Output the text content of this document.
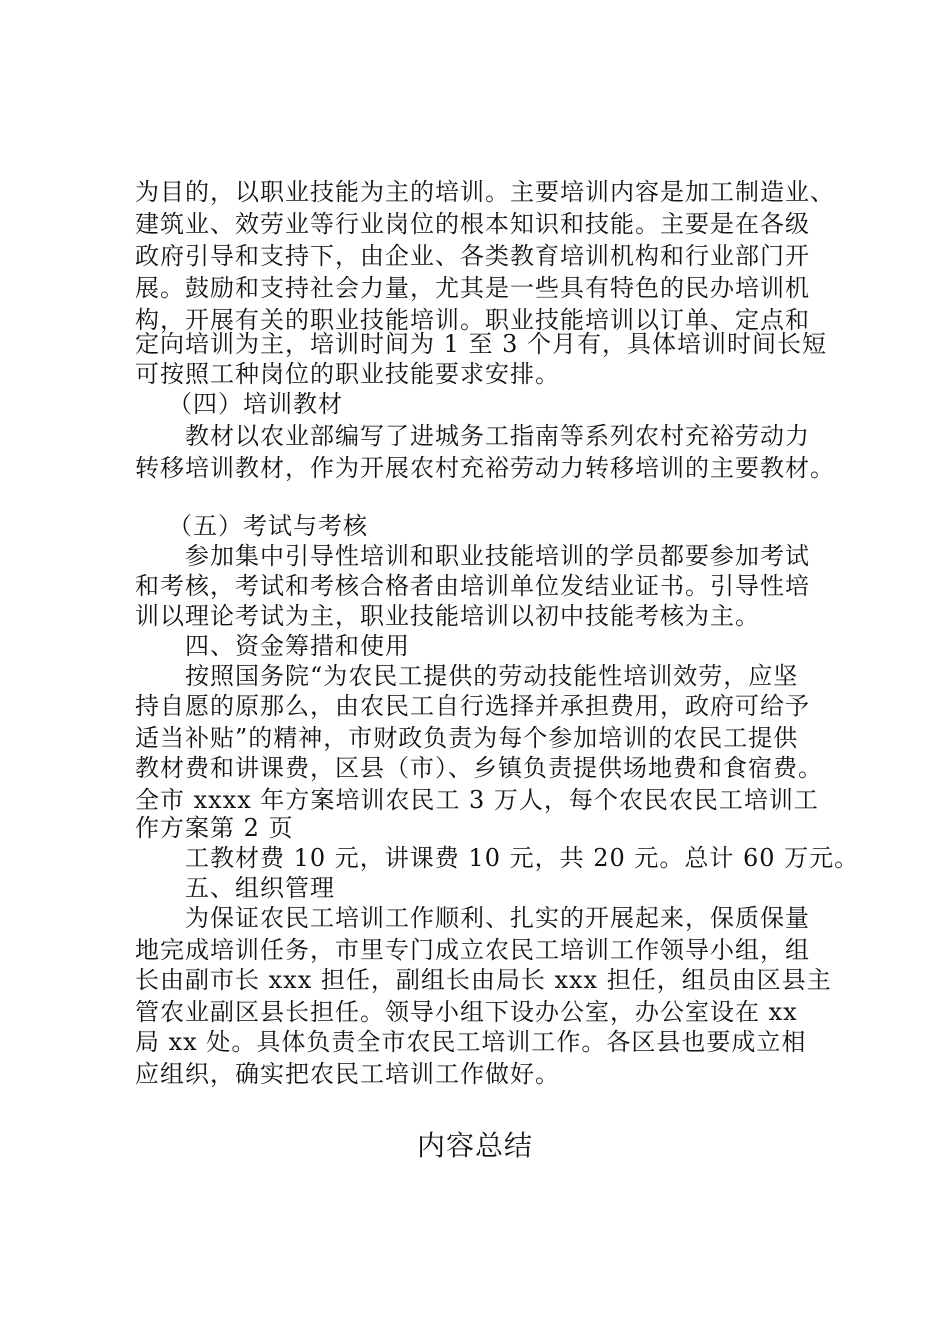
为目的，以职业技能为主的培训。主要培训内容是加工制造业、
建筑业、效劳业等行业岗位的根本知识和技能。主要是在各级
政府引导和支持下，由企业、各类教育培训机构和行业部门开
展。鼓励和支持社会力量，尤其是一些具有特色的民办培训机
构，开展有关的职业技能培训。职业技能培训以订单、定点和
定向培训为主，培训时间为 1 至 3 个月有，具体培训时间长短
可按照工种岗位的职业技能要求安排。
（四）培训教材
教材以农业部编写了进城务工指南等系列农村充裕劳动力
转移培训教材，作为开展农村充裕劳动力转移培训的主要教材。
（五）考试与考核
参加集中引导性培训和职业技能培训的学员都要参加考试
和考核，考试和考核合格者由培训单位发结业证书。引导性培
训以理论考试为主，职业技能培训以初中技能考核为主。
四、资金筹措和使用
按照国务院“为农民工提供的劳动技能性培训效劳，应坚
持自愿的原那么，由农民工自行选择并承担费用，政府可给予
适当补贴”的精神，市财政负责为每个参加培训的农民工提供
教材费和讲课费，区县（市）、乡镇负责提供场地费和食宿费。
全市 xxxx 年方案培训农民工 3 万人，每个农民农民工培训工
作方案第 2 页
工教材费 10 元，讲课费 10 元，共 20 元。总计 60 万元。
五、组织管理
为保证农民工培训工作顺利、扎实的开展起来，保质保量
地完成培训任务，市里专门成立农民工培训工作领导小组，组
长由副市长 xxx 担任，副组长由局长 xxx 担任，组员由区县主
管农业副区县长担任。领导小组下设办公室，办公室设在 xx
局 xx 处。具体负责全市农民工培训工作。各区县也要成立相
应组织，确实把农民工培训工作做好。
内容总结
